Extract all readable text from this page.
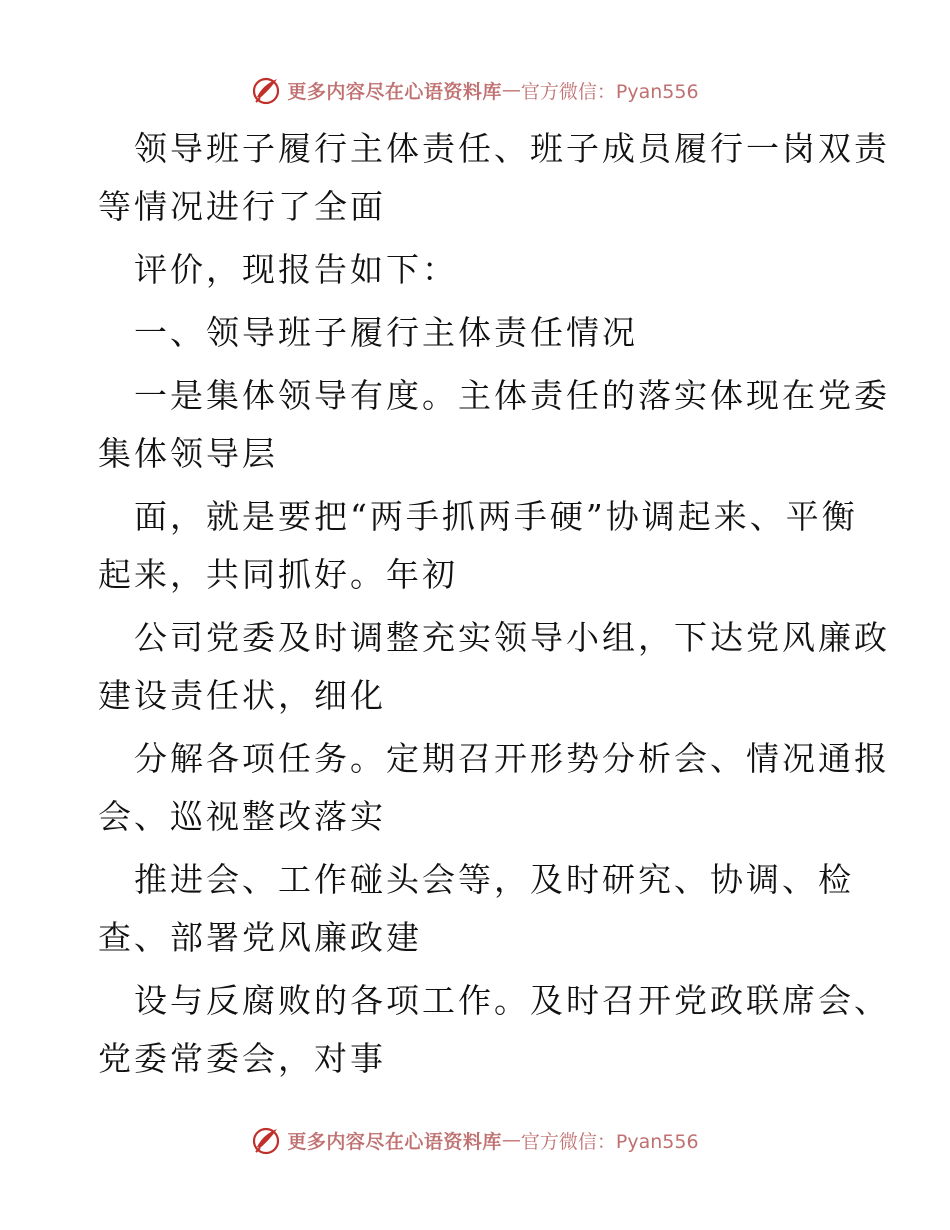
更多内容尽在心语资料库 — 官方微信：Pyan556

领导班子履行主体责任、班子成员履行一岗双责
等情况进行了全面

评价，现报告如下：

一、领导班子履行主体责任情况

一是集体领导有度。主体责任的落实体现在党委
集体领导层

面，就是要把“两手抓两手硬”协调起来、平衡
起来，共同抓好。年初

公司党委及时调整充实领导小组，下达党风廉政
建设责任状，细化

分解各项任务。定期召开形势分析会、情况通报
会、巡视整改落实

推进会、工作碰头会等，及时研究、协调、检
查、部署党风廉政建

设与反腐败的各项工作。及时召开党政联席会、
党委常委会，对事

更多内容尽在心语资料库 — 官方微信：Pyan556
